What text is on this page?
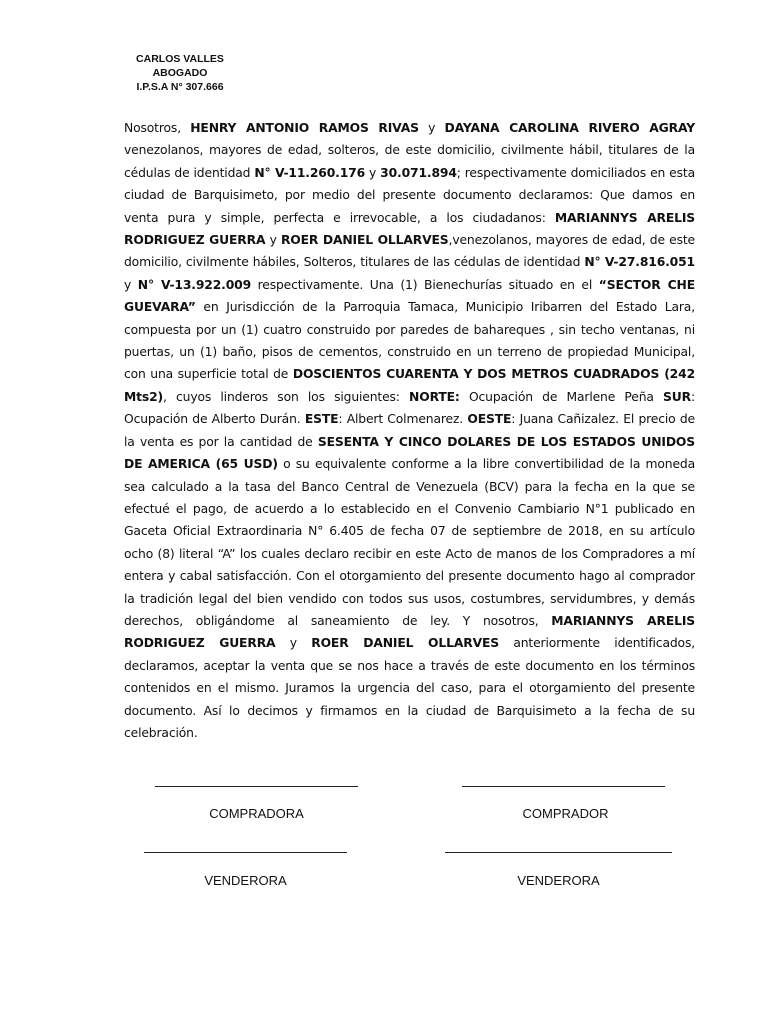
CARLOS VALLES
ABOGADO
I.P.S.A N° 307.666
Nosotros, HENRY ANTONIO RAMOS RIVAS y DAYANA CAROLINA RIVERO AGRAY venezolanos, mayores de edad, solteros, de este domicilio, civilmente hábil, titulares de la cédulas de identidad N° V-11.260.176 y 30.071.894; respectivamente domiciliados en esta ciudad de Barquisimeto, por medio del presente documento declaramos: Que damos en venta pura y simple, perfecta e irrevocable, a los ciudadanos: MARIANNYS ARELIS RODRIGUEZ GUERRA y ROER DANIEL OLLARVES,venezolanos, mayores de edad, de este domicilio, civilmente hábiles, Solteros, titulares de las cédulas de identidad N° V-27.816.051 y N° V-13.922.009 respectivamente. Una (1) Bienechurías situado en el “SECTOR CHE GUEVARA” en Jurisdicción de la Parroquia Tamaca, Municipio Iribarren del Estado Lara, compuesta por un (1) cuatro construido por paredes de bahareques , sin techo ventanas, ni puertas, un (1) baño, pisos de cementos, construido en un terreno de propiedad Municipal, con una superficie total de DOSCIENTOS CUARENTA Y DOS METROS CUADRADOS (242 Mts2), cuyos linderos son los siguientes: NORTE: Ocupación de Marlene Peña SUR: Ocupación de Alberto Durán. ESTE: Albert Colmenarez. OESTE: Juana Cañizalez. El precio de la venta es por la cantidad de SESENTA Y CINCO DOLARES DE LOS ESTADOS UNIDOS DE AMERICA (65 USD) o su equivalente conforme a la libre convertibilidad de la moneda sea calculado a la tasa del Banco Central de Venezuela (BCV) para la fecha en la que se efectué el pago, de acuerdo a lo establecido en el Convenio Cambiario N°1 publicado en Gaceta Oficial Extraordinaria N° 6.405 de fecha 07 de septiembre de 2018, en su artículo ocho (8) literal “A” los cuales declaro recibir en este Acto de manos de los Compradores a mí entera y cabal satisfacción. Con el otorgamiento del presente documento hago al comprador la tradición legal del bien vendido con todos sus usos, costumbres, servidumbres, y demás derechos, obligándome al saneamiento de ley. Y nosotros, MARIANNYS ARELIS RODRIGUEZ GUERRA y ROER DANIEL OLLARVES anteriormente identificados, declaramos, aceptar la venta que se nos hace a través de este documento en los términos contenidos en el mismo. Juramos la urgencia del caso, para el otorgamiento del presente documento. Así lo decimos y firmamos en la ciudad de Barquisimeto a la fecha de su celebración.
COMPRADORA	COMPRADOR
VENDERORA	VENDERORA
